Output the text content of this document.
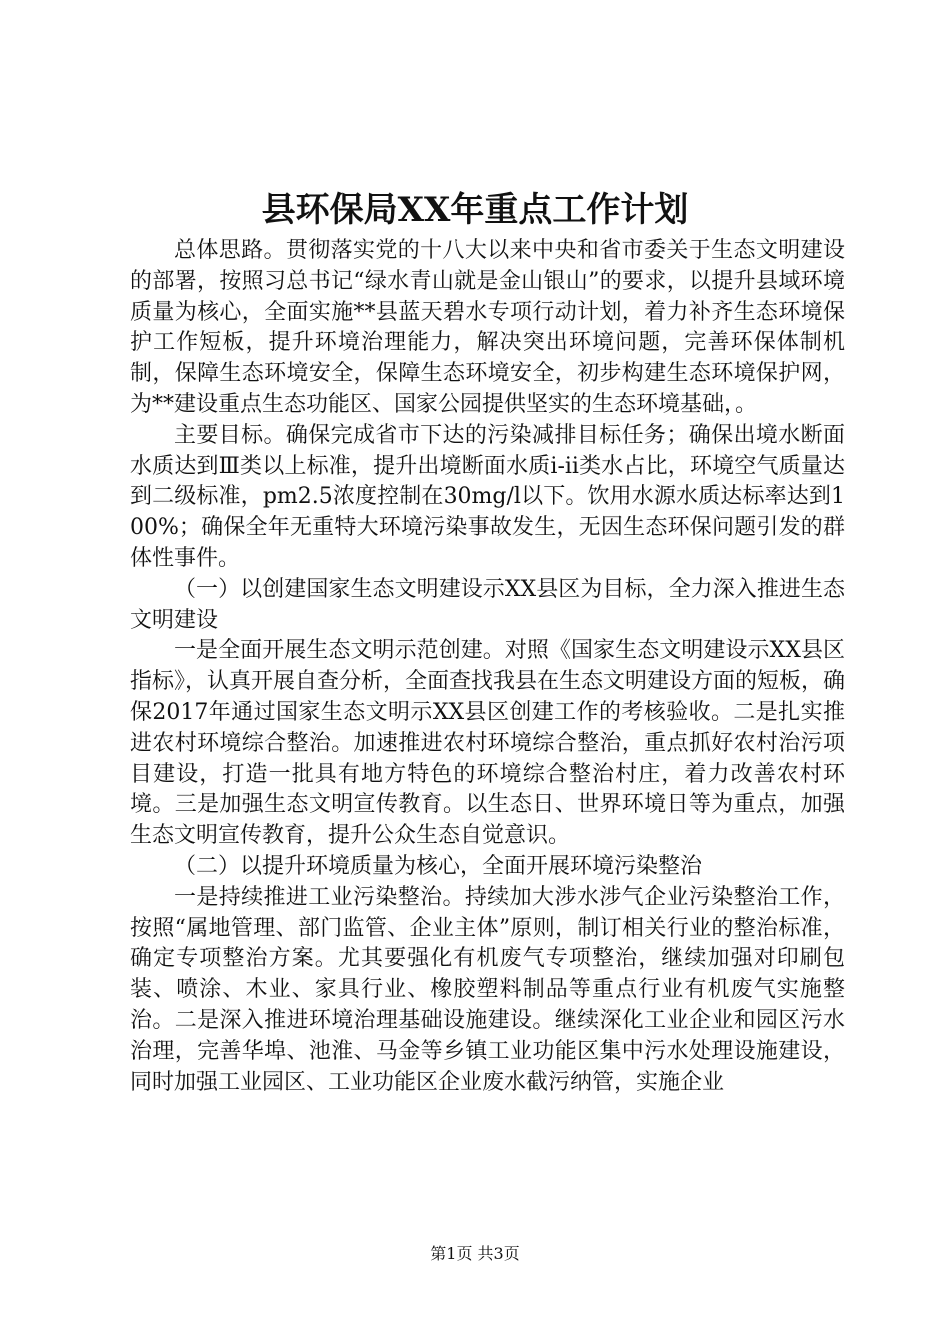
县环保局XX年重点工作计划

总体思路。贯彻落实党的十八大以来中央和省市委关于生态文明建设的部署，按照习总书记“绿水青山就是金山银山”的要求，以提升县域环境质量为核心，全面实施**县蓝天碧水专项行动计划，着力补齐生态环境保护工作短板，提升环境治理能力，解决突出环境问题，完善环保体制机制，保障生态环境安全，保障生态环境安全，初步构建生态环境保护网，为**建设重点生态功能区、国家公园提供坚实的生态环境基础，。

主要目标。确保完成省市下达的污染减排目标任务；确保出境水断面水质达到Ⅲ类以上标准，提升出境断面水质i-ii类水占比，环境空气质量达到二级标准，pm2.5浓度控制在30mg/l以下。饮用水源水质达标率达到100%；确保全年无重特大环境污染事故发生，无因生态环保问题引发的群体性事件。

（一）以创建国家生态文明建设示XX县区为目标，全力深入推进生态文明建设

一是全面开展生态文明示范创建。对照《国家生态文明建设示XX县区指标》，认真开展自查分析，全面查找我县在生态文明建设方面的短板，确保2017年通过国家生态文明示XX县区创建工作的考核验收。二是扎实推进农村环境综合整治。加速推进农村环境综合整治，重点抓好农村治污项目建设，打造一批具有地方特色的环境综合整治村庄，着力改善农村环境。三是加强生态文明宣传教育。以生态日、世界环境日等为重点，加强生态文明宣传教育，提升公众生态自觉意识。

（二）以提升环境质量为核心，全面开展环境污染整治

一是持续推进工业污染整治。持续加大涉水涉气企业污染整治工作，按照“属地管理、部门监管、企业主体”原则，制订相关行业的整治标准，确定专项整治方案。尤其要强化有机废气专项整治，继续加强对印刷包装、喷涂、木业、家具行业、橡胶塑料制品等重点行业有机废气实施整治。二是深入推进环境治理基础设施建设。继续深化工业企业和园区污水治理，完善华埠、池淮、马金等乡镇工业功能区集中污水处理设施建设，同时加强工业园区、工业功能区企业废水截污纳管，实施企业

第1页 共3页
